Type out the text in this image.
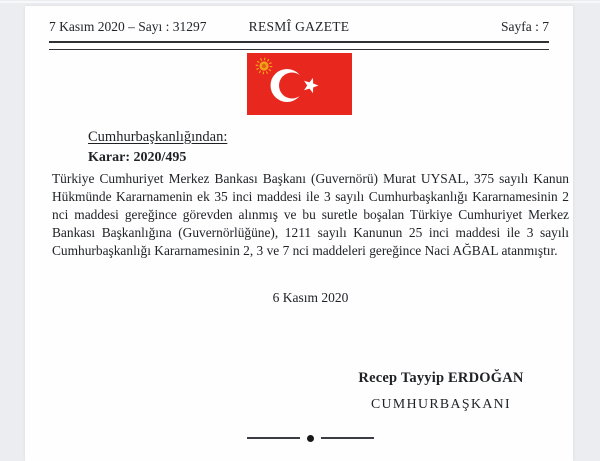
7 Kasım 2020 – Sayı : 31297	RESMÎ GAZETE	Sayfa : 7
Cumhurbaşkanlığından:
Karar: 2020/495

Türkiye Cumhuriyet Merkez Bankası Başkanı (Guvernörü) Murat UYSAL, 375 sayılı Kanun Hükmünde Kararnamenin ek 35 inci maddesi ile 3 sayılı Cumhurbaşkanlığı Kararnamesinin 2 nci maddesi gereğince görevden alınmış ve bu suretle boşalan Türkiye Cumhuriyet Merkez Bankası Başkanlığına (Guvernörlüğüne), 1211 sayılı Kanunun 25 inci maddesi ile 3 sayılı Cumhurbaşkanlığı Kararnamesinin 2, 3 ve 7 nci maddeleri gereğince Naci AĞBAL atanmıştır.

6 Kasım 2020
Recep Tayyip ERDOĞAN
CUMHURBAŞKANI
